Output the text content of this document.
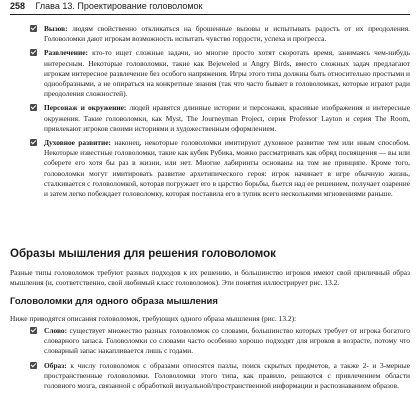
258 Глава 13. Проектирование головоломок
Вызов: людям свойственно откликаться на брошенные вызовы и испытывать радость от их преодоления. Головоломки дают игрокам возможность испытать чувство гордости, успеха и прогресса.
Развлечение: кто-то ищет сложные задачи, но многие просто хотят скоротать время, занимаясь чем-нибудь интересным. Некоторые головоломки, такие как Bejeweled и Angry Birds, вместо сложных задач предлагают игрокам интересное развлечение без особого напряжения. Игры этого типа должны быть относительно простыми и однообразными, а не опираться на конкретные знания (так что часто бывает в головоломках, которые играют ради преодоления сложностей).
Персонаж и окружение: людей нравятся длинные истории и персонажи, красивые изображения и интересные окружения. Такие головоломки, как Myst, The Journeyman Project, серия Professor Layton и серия The Room, привлекают игроков своими историями и художественным оформлением.
Духовное развитие: наконец, некоторые головоломки имитируют духовное развитие тем или иным способом. Некоторые известные головоломки, такие как кубик Рубика, можно рассматривать как обряд посвящения — вы или соберете его хотя бы раз в жизни, или нет. Многие лабиринты основаны на том же принципе. Кроме того, головоломки могут имитировать развитие архетипического героя: игрок начинает в игре обычную жизнь, сталкивается с головоломкой, которая погружает его в царство борьбы, бьется над ее решением, получает озарение и затем легко побеждает головоломку, которая поставила его в тупик всего несколькими мгновениями раньше.
Образы мышления для решения головоломок

Разные типы головоломок требуют разных подходов к их решению, и большинство игроков имеют свой приличный образ мышления (и, соответственно, свой любимый класс головоломок). Эти понятия иллюстрирует рис. 13.2.

Головоломки для одного образа мышления

Ниже приводятся описания головоломок, требующих одного образа мышления (рис. 13.2):

Слово: существует множество разных головоломок со словами, большинство которых требует от игрока богатого словарного запаса. Головоломки со словами часто особенно хорошо подходят для игроков в возрасте, потому что словарный запас накапливается лишь с годами.
Образ: к числу головоломок с образами относятся пазлы, поиск скрытых предметов, а также 2- и 3-мерные пространственные головоломки. Головоломки этого типа, как правило, решаются с привлечением области головного мозга, связанной с обработкой визуальной/пространственной информации и распознаванием образов.
